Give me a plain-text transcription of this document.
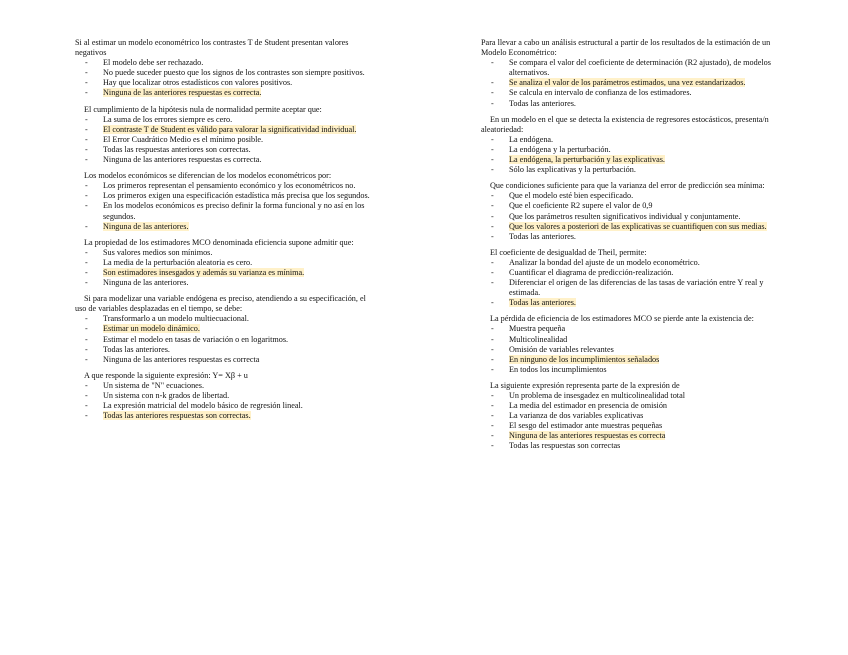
Si al estimar un modelo econométrico los contrastes T de Student presentan valores negativos
- El modelo debe ser rechazado.
- No puede suceder puesto que los signos de los contrastes son siempre positivos.
- Hay que localizar otros estadísticos con valores positivos.
- Ninguna de las anteriores respuestas es correcta.
El cumplimiento de la hipótesis nula de normalidad permite aceptar que:
- La suma de los errores siempre es cero.
- El contraste T de Student es válido para valorar la significatividad individual.
- El Error Cuadrático Medio es el mínimo posible.
- Todas las respuestas anteriores son correctas.
- Ninguna de las anteriores respuestas es correcta.
Los modelos económicos se diferencian de los modelos econométricos por:
- Los primeros representan el pensamiento económico y los econométricos no.
- Los primeros exigen una especificación estadística más precisa que los segundos.
- En los modelos económicos es preciso definir la forma funcional y no así en los segundos.
- Ninguna de las anteriores.
La propiedad de los estimadores MCO denominada eficiencia supone admitir que:
- Sus valores medios son mínimos.
- La media de la perturbación aleatoria es cero.
- Son estimadores insesgados y además su varianza es mínima.
- Ninguna de las anteriores.
Si para modelizar una variable endógena es preciso, atendiendo a su especificación, el uso de variables desplazadas en el tiempo, se debe:
- Transformarlo a un modelo multiecuacional.
- Estimar un modelo dinámico.
- Estimar el modelo en tasas de variación o en logaritmos.
- Todas las anteriores.
- Ninguna de las anteriores respuestas es correcta
A que responde la siguiente expresión: Y= Xβ + u
- Un sistema de "N" ecuaciones.
- Un sistema con n-k grados de libertad.
- La expresión matricial del modelo básico de regresión lineal.
- Todas las anteriores respuestas son correctas.
Para llevar a cabo un análisis estructural a partir de los resultados de la estimación de un Modelo Econométrico:
- Se compara el valor del coeficiente de determinación (R2 ajustado), de modelos alternativos.
- Se analiza el valor de los parámetros estimados, una vez estandarizados.
- Se calcula en intervalo de confianza de los estimadores.
- Todas las anteriores.
En un modelo en el que se detecta la existencia de regresores estocásticos, presenta/n aleatoriedad:
- La endógena.
- La endógena y la perturbación.
- La endógena, la perturbación y las explicativas.
- Sólo las explicativas y la perturbación.
Que condiciones suficiente para que la varianza del error de predicción sea mínima:
- Que el modelo esté bien especificado.
- Que el coeficiente R2 supere el valor de 0,9
- Que los parámetros resulten significativos individual y conjuntamente.
- Que los valores a posteriori de las explicativas se cuantifiquen con sus medias.
- Todas las anteriores.
El coeficiente de desigualdad de Theil, permite:
- Analizar la bondad del ajuste de un modelo econométrico.
- Cuantificar el diagrama de predicción-realización.
- Diferenciar el origen de las diferencias de las tasas de variación entre Y real y estimada.
- Todas las anteriores.
La pérdida de eficiencia de los estimadores MCO se pierde ante la existencia de:
- Muestra pequeña
- Multicolinealidad
- Omisión de variables relevantes
- En ninguno de los incumplimientos señalados
- En todos los incumplimientos
La siguiente expresión representa parte de la expresión de
- Un problema de insesgadez en multicolinealidad total
- La media del estimador en presencia de omisión
- La varianza de dos variables explicativas
- El sesgo del estimador ante muestras pequeñas
- Ninguna de las anteriores respuestas es correcta
- Todas las respuestas son correctas
